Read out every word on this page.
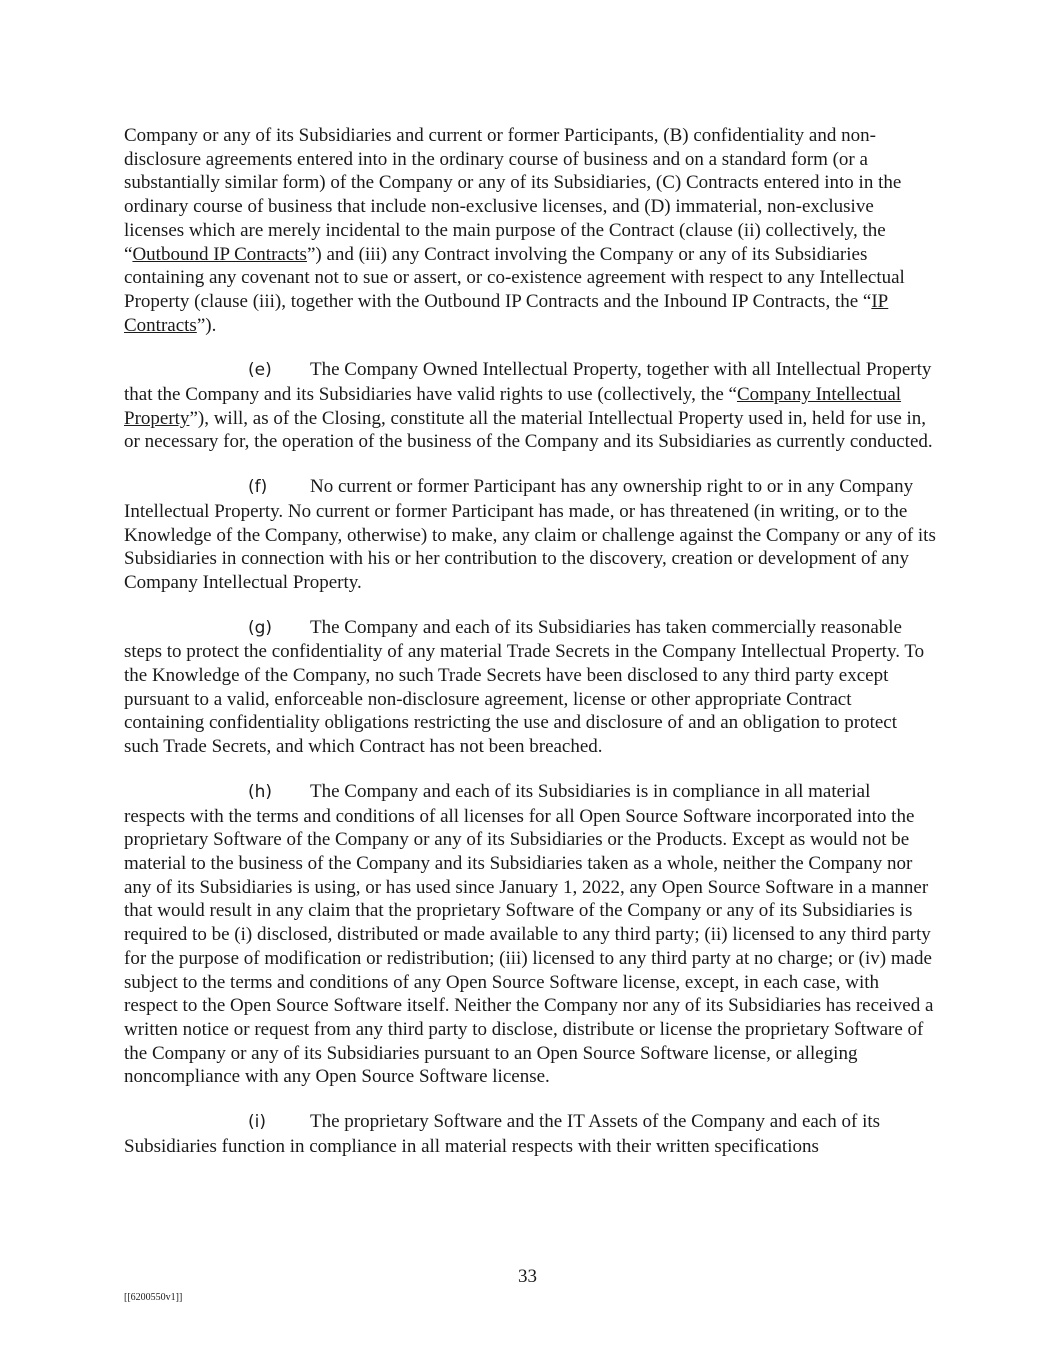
Company or any of its Subsidiaries and current or former Participants, (B) confidentiality and non-disclosure agreements entered into in the ordinary course of business and on a standard form (or a substantially similar form) of the Company or any of its Subsidiaries, (C) Contracts entered into in the ordinary course of business that include non-exclusive licenses, and (D) immaterial, non-exclusive licenses which are merely incidental to the main purpose of the Contract (clause (ii) collectively, the “Outbound IP Contracts”) and (iii) any Contract involving the Company or any of its Subsidiaries containing any covenant not to sue or assert, or co-existence agreement with respect to any Intellectual Property (clause (iii), together with the Outbound IP Contracts and the Inbound IP Contracts, the “IP Contracts”).

(e) The Company Owned Intellectual Property, together with all Intellectual Property that the Company and its Subsidiaries have valid rights to use (collectively, the “Company Intellectual Property”), will, as of the Closing, constitute all the material Intellectual Property used in, held for use in, or necessary for, the operation of the business of the Company and its Subsidiaries as currently conducted.

(f) No current or former Participant has any ownership right to or in any Company Intellectual Property. No current or former Participant has made, or has threatened (in writing, or to the Knowledge of the Company, otherwise) to make, any claim or challenge against the Company or any of its Subsidiaries in connection with his or her contribution to the discovery, creation or development of any Company Intellectual Property.

(g) The Company and each of its Subsidiaries has taken commercially reasonable steps to protect the confidentiality of any material Trade Secrets in the Company Intellectual Property. To the Knowledge of the Company, no such Trade Secrets have been disclosed to any third party except pursuant to a valid, enforceable non-disclosure agreement, license or other appropriate Contract containing confidentiality obligations restricting the use and disclosure of and an obligation to protect such Trade Secrets, and which Contract has not been breached.

(h) The Company and each of its Subsidiaries is in compliance in all material respects with the terms and conditions of all licenses for all Open Source Software incorporated into the proprietary Software of the Company or any of its Subsidiaries or the Products. Except as would not be material to the business of the Company and its Subsidiaries taken as a whole, neither the Company nor any of its Subsidiaries is using, or has used since January 1, 2022, any Open Source Software in a manner that would result in any claim that the proprietary Software of the Company or any of its Subsidiaries is required to be (i) disclosed, distributed or made available to any third party; (ii) licensed to any third party for the purpose of modification or redistribution; (iii) licensed to any third party at no charge; or (iv) made subject to the terms and conditions of any Open Source Software license, except, in each case, with respect to the Open Source Software itself. Neither the Company nor any of its Subsidiaries has received a written notice or request from any third party to disclose, distribute or license the proprietary Software of the Company or any of its Subsidiaries pursuant to an Open Source Software license, or alleging noncompliance with any Open Source Software license.

(i) The proprietary Software and the IT Assets of the Company and each of its Subsidiaries function in compliance in all material respects with their written specifications

33
[[6200550v1]]
